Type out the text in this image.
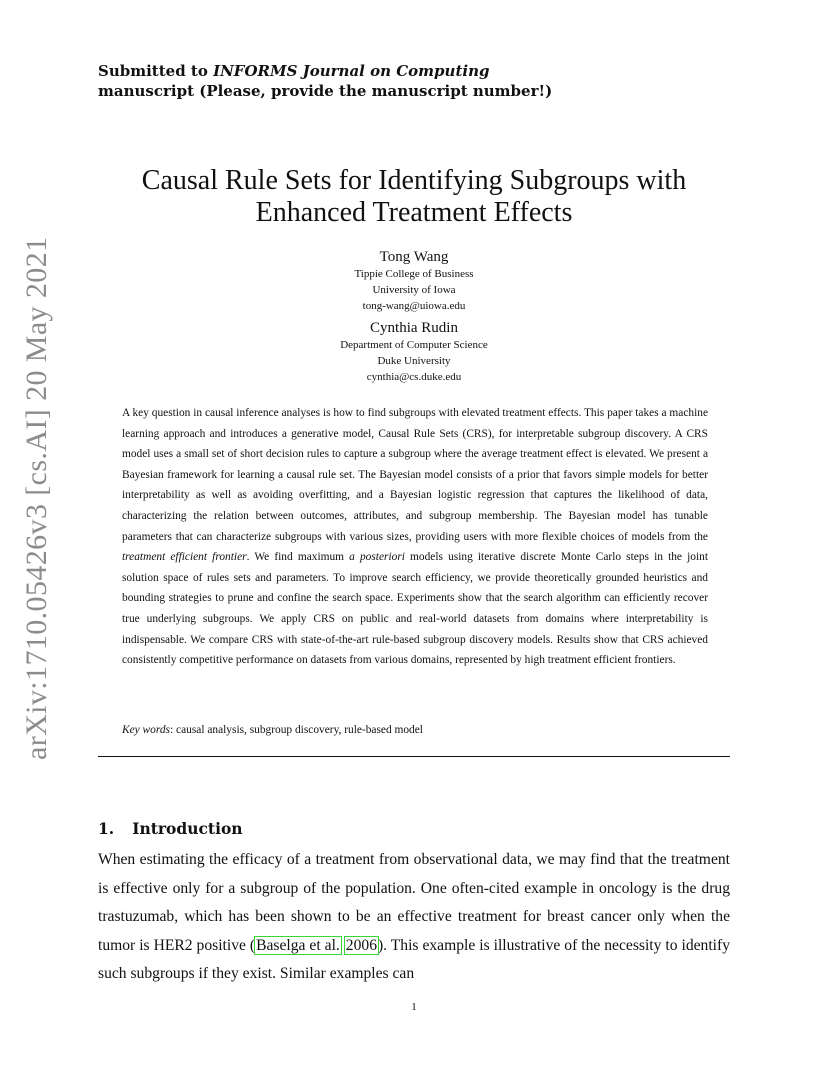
Submitted to INFORMS Journal on Computing
manuscript (Please, provide the manuscript number!)
arXiv:1710.05426v3 [cs.AI] 20 May 2021
Causal Rule Sets for Identifying Subgroups with
Enhanced Treatment Effects
Tong Wang
Tippie College of Business
University of Iowa
tong-wang@uiowa.edu
Cynthia Rudin
Department of Computer Science
Duke University
cynthia@cs.duke.edu

A key question in causal inference analyses is how to find subgroups with elevated treatment effects. This paper takes a machine learning approach and introduces a generative model, Causal Rule Sets (CRS), for interpretable subgroup discovery. A CRS model uses a small set of short decision rules to capture a subgroup where the average treatment effect is elevated. We present a Bayesian framework for learning a causal rule set. The Bayesian model consists of a prior that favors simple models for better interpretability as well as avoiding overfitting, and a Bayesian logistic regression that captures the likelihood of data, characterizing the relation between outcomes, attributes, and subgroup membership. The Bayesian model has tunable parameters that can characterize subgroups with various sizes, providing users with more flexible choices of models from the treatment efficient frontier. We find maximum a posteriori models using iterative discrete Monte Carlo steps in the joint solution space of rules sets and parameters. To improve search efficiency, we provide theoretically grounded heuristics and bounding strategies to prune and confine the search space. Experiments show that the search algorithm can efficiently recover true underlying subgroups. We apply CRS on public and real-world datasets from domains where interpretability is indispensable. We compare CRS with state-of-the-art rule-based subgroup discovery models. Results show that CRS achieved consistently competitive performance on datasets from various domains, represented by high treatment efficient frontiers.

Key words: causal analysis, subgroup discovery, rule-based model
1. Introduction

When estimating the efficacy of a treatment from observational data, we may find that the treatment is effective only for a subgroup of the population. One often-cited example in oncology is the drug trastuzumab, which has been shown to be an effective treatment for breast cancer only when the tumor is HER2 positive (Baselga et al. 2006). This example is illustrative of the necessity to identify such subgroups if they exist. Similar examples can

1
